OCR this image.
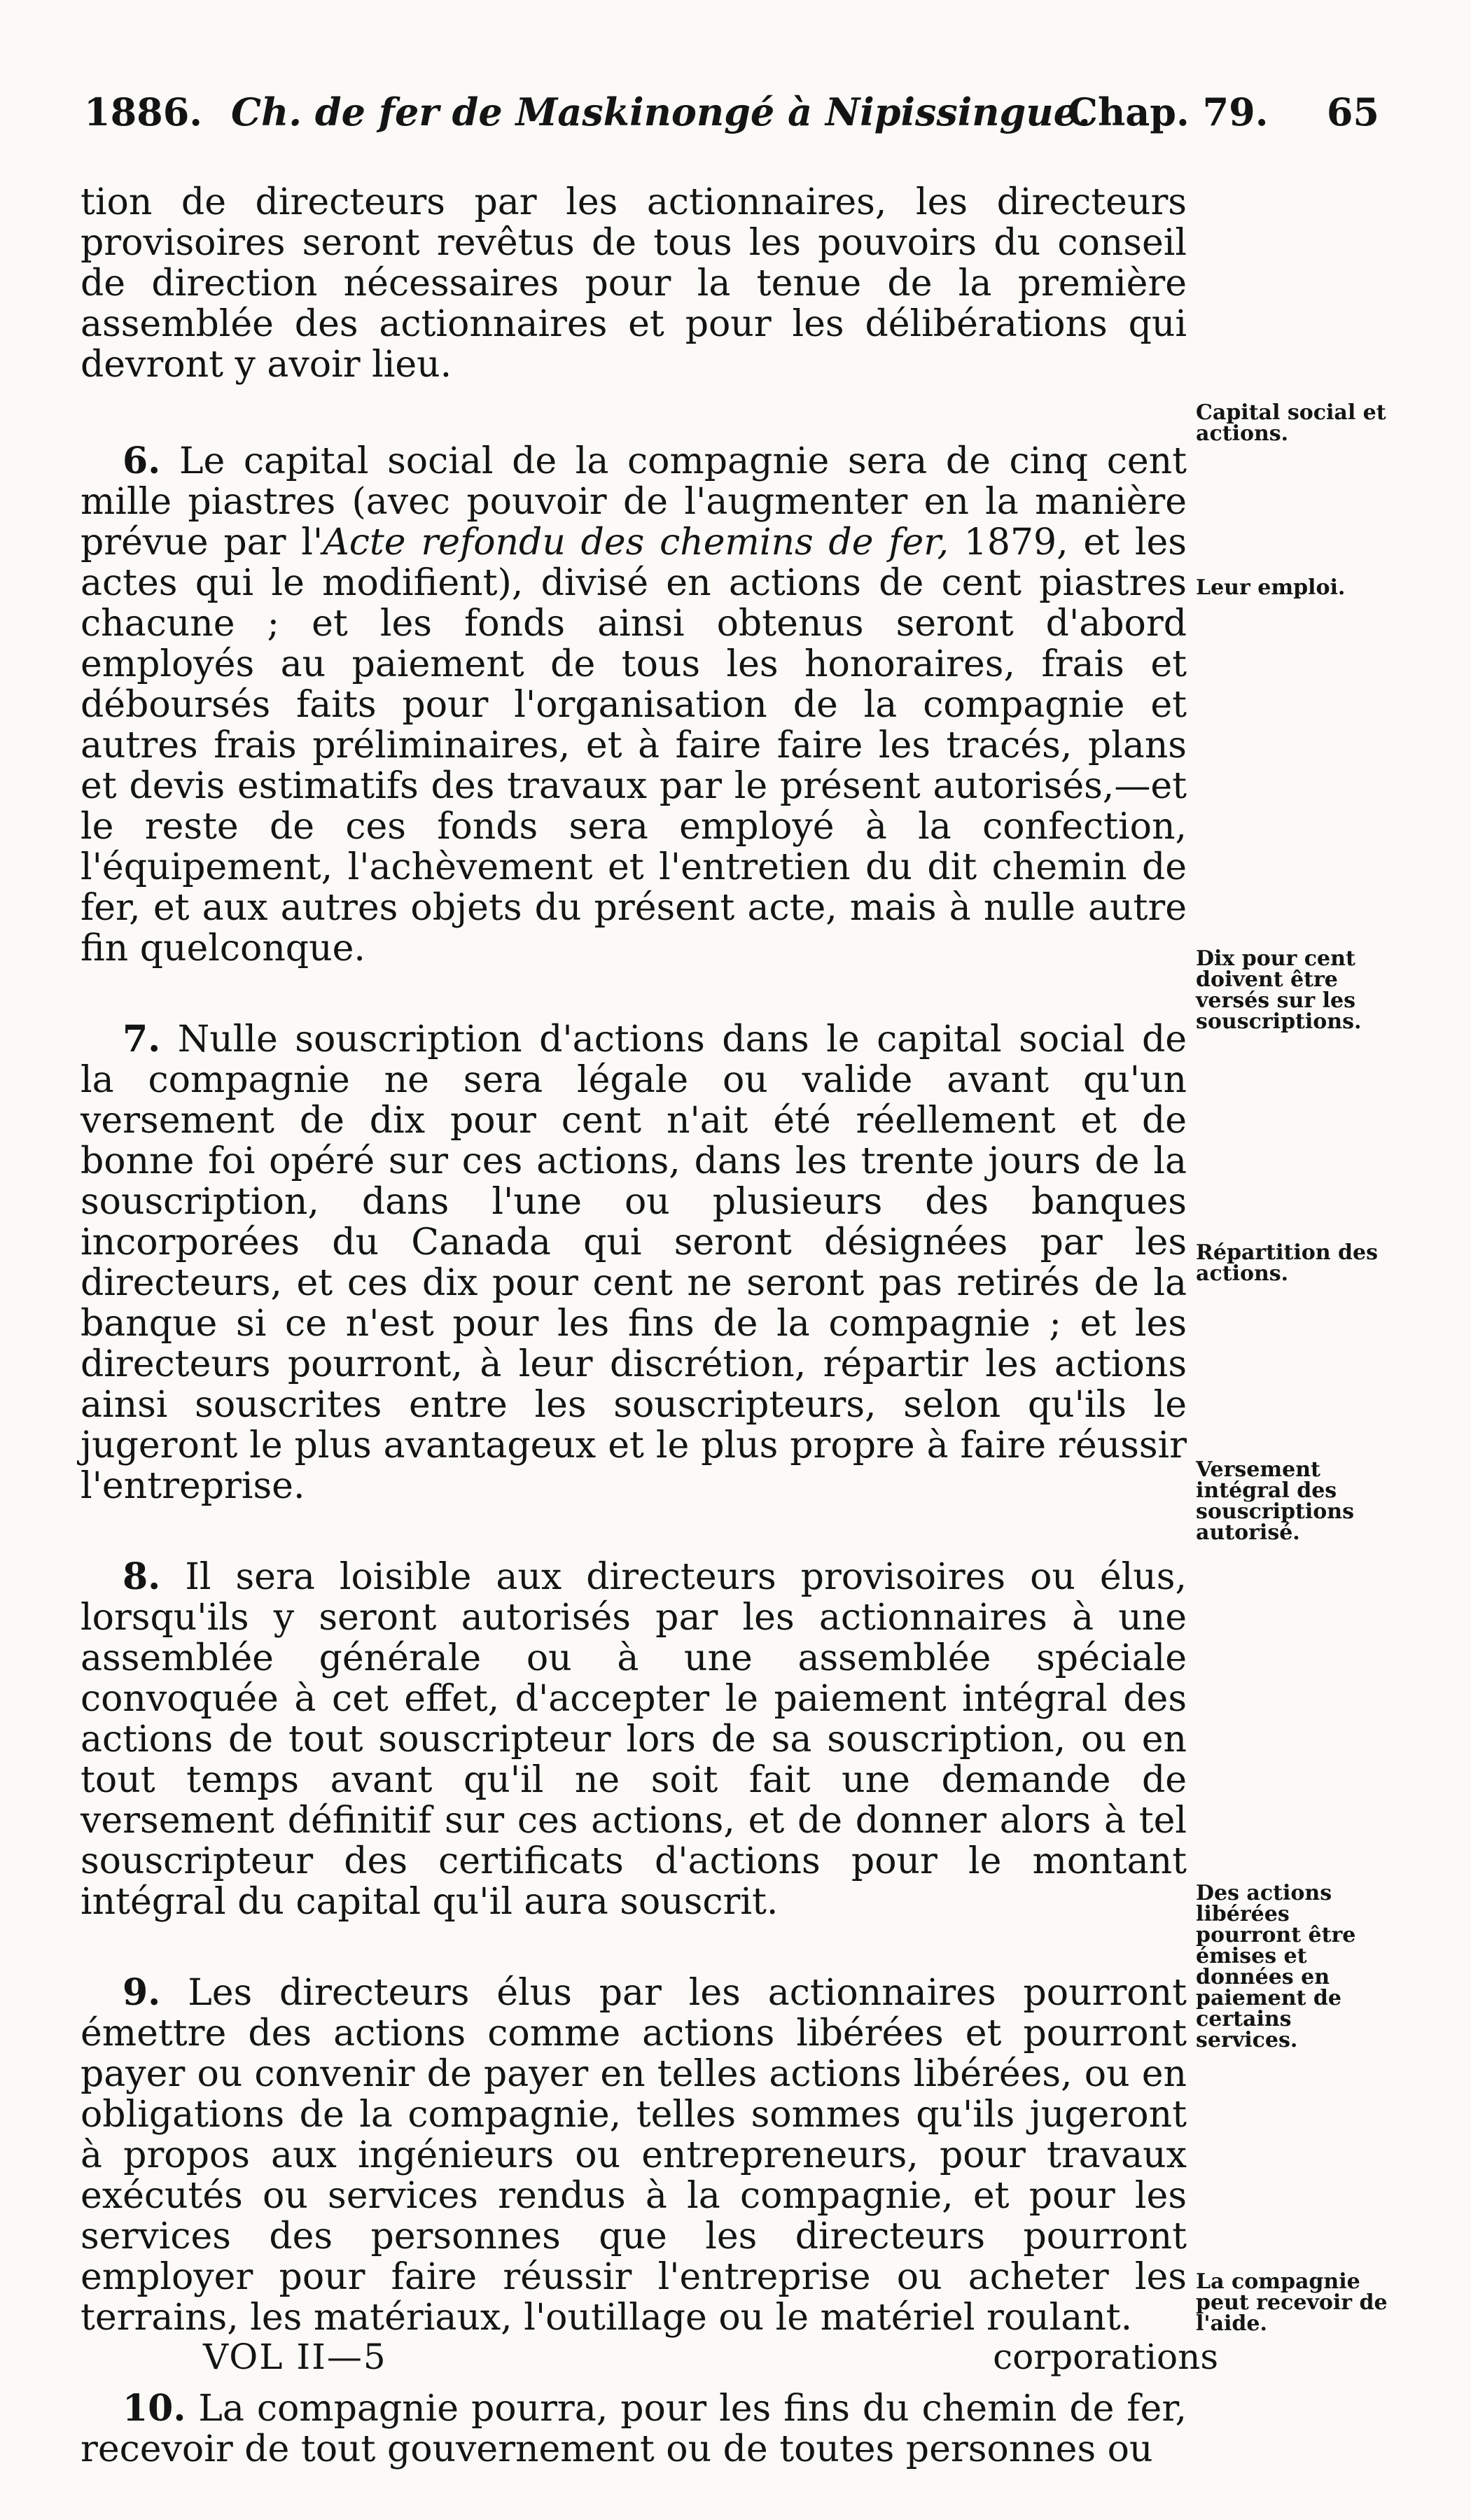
1886. Ch. de fer de Maskinongé à Nipissingue.
Chap. 79. 65

tion de directeurs par les actionnaires, les directeurs provisoires seront revêtus de tous les pouvoirs du conseil de direction nécessaires pour la tenue de la première assemblée des actionnaires et pour les délibérations qui devront y avoir lieu.

6. Le capital social de la compagnie sera de cinq cent mille piastres (avec pouvoir de l'augmenter en la manière prévue par l'Acte refondu des chemins de fer, 1879, et les actes qui le modifient), divisé en actions de cent piastres chacune ; et les fonds ainsi obtenus seront d'abord employés au paiement de tous les honoraires, frais et déboursés faits pour l'organisation de la compagnie et autres frais préliminaires, et à faire faire les tracés, plans et devis estimatifs des travaux par le présent autorisés,—et le reste de ces fonds sera employé à la confection, l'équipement, l'achèvement et l'entretien du dit chemin de fer, et aux autres objets du présent acte, mais à nulle autre fin quelconque.

7. Nulle souscription d'actions dans le capital social de la compagnie ne sera légale ou valide avant qu'un versement de dix pour cent n'ait été réellement et de bonne foi opéré sur ces actions, dans les trente jours de la souscription, dans l'une ou plusieurs des banques incorporées du Canada qui seront désignées par les directeurs, et ces dix pour cent ne seront pas retirés de la banque si ce n'est pour les fins de la compagnie ; et les directeurs pourront, à leur discrétion, répartir les actions ainsi souscrites entre les souscripteurs, selon qu'ils le jugeront le plus avantageux et le plus propre à faire réussir l'entreprise.

8. Il sera loisible aux directeurs provisoires ou élus, lorsqu'ils y seront autorisés par les actionnaires à une assemblée générale ou à une assemblée spéciale convoquée à cet effet, d'accepter le paiement intégral des actions de tout souscripteur lors de sa souscription, ou en tout temps avant qu'il ne soit fait une demande de versement définitif sur ces actions, et de donner alors à tel souscripteur des certificats d'actions pour le montant intégral du capital qu'il aura souscrit.

9. Les directeurs élus par les actionnaires pourront émettre des actions comme actions libérées et pourront payer ou convenir de payer en telles actions libérées, ou en obligations de la compagnie, telles sommes qu'ils jugeront à propos aux ingénieurs ou entrepreneurs, pour travaux exécutés ou services rendus à la compagnie, et pour les services des personnes que les directeurs pourront employer pour faire réussir l'entreprise ou acheter les terrains, les matériaux, l'outillage ou le matériel roulant.

10. La compagnie pourra, pour les fins du chemin de fer, recevoir de tout gouvernement ou de toutes personnes ou

Capital social et actions.
Leur emploi.
Dix pour cent doivent être versés sur les souscriptions.
Répartition des actions.
Versement intégral des souscriptions autorisé.
Des actions libérées pourront être émises et données en paiement de certains services.
La compagnie peut recevoir de l'aide.
VOL II—5	corporations
